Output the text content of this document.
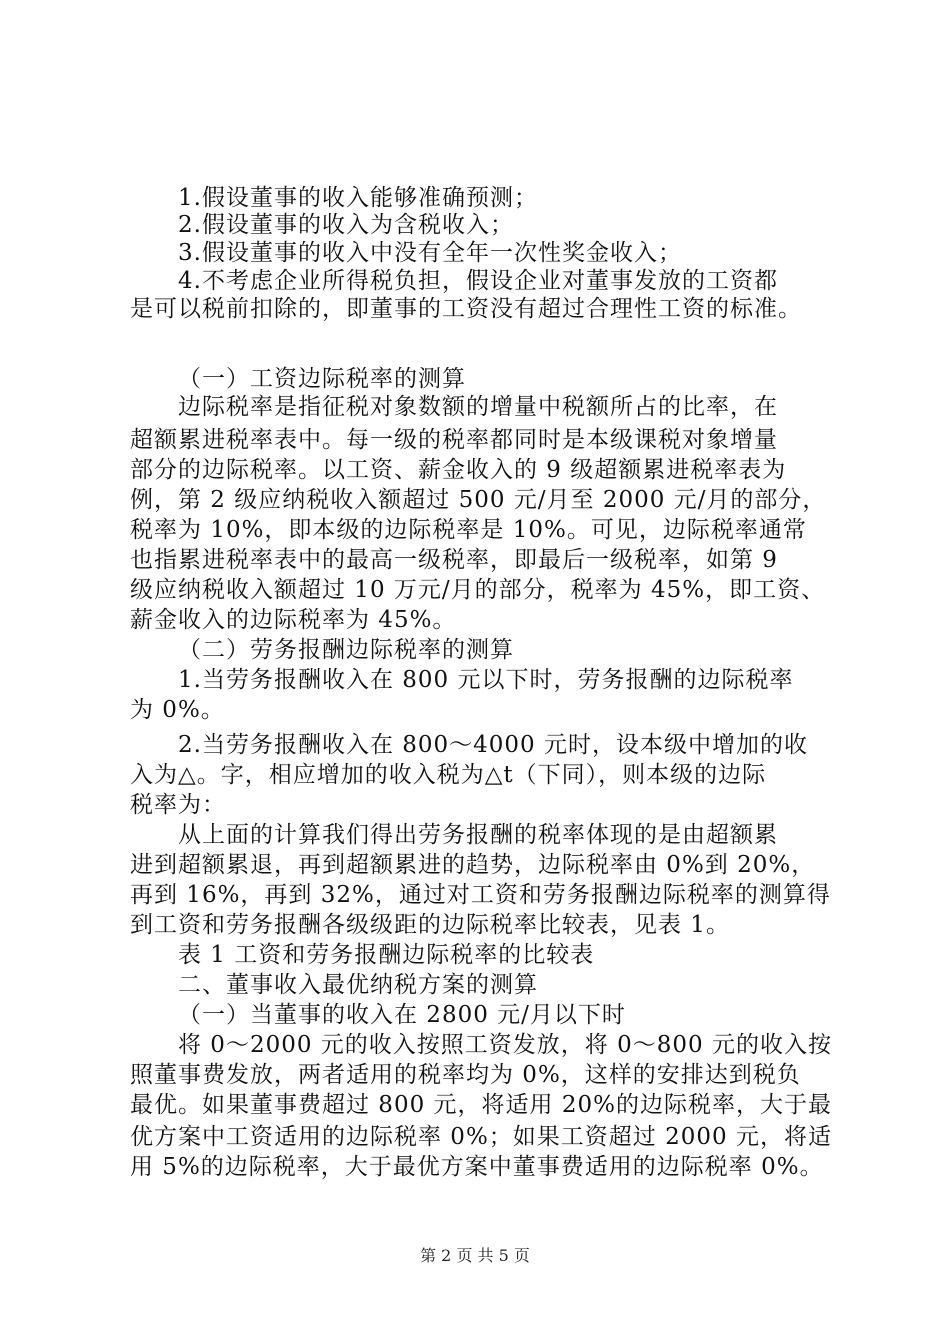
1.假设董事的收入能够准确预测；
2.假设董事的收入为含税收入；
3.假设董事的收入中没有全年一次性奖金收入；
4.不考虑企业所得税负担，假设企业对董事发放的工资都
是可以税前扣除的，即董事的工资没有超过合理性工资的标准。
（一）工资边际税率的测算
边际税率是指征税对象数额的增量中税额所占的比率，在
超额累进税率表中。每一级的税率都同时是本级课税对象增量
部分的边际税率。以工资、薪金收入的 9 级超额累进税率表为
例，第 2 级应纳税收入额超过 500 元/月至 2000 元/月的部分，
税率为 10%，即本级的边际税率是 10%。可见，边际税率通常
也指累进税率表中的最高一级税率，即最后一级税率，如第 9
级应纳税收入额超过 10 万元/月的部分，税率为 45%，即工资、
薪金收入的边际税率为 45%。
（二）劳务报酬边际税率的测算
1.当劳务报酬收入在 800 元以下时，劳务报酬的边际税率
为 0%。
2.当劳务报酬收入在 800～4000 元时，设本级中增加的收
入为△。字，相应增加的收入税为△t（下同），则本级的边际
税率为：
从上面的计算我们得出劳务报酬的税率体现的是由超额累
进到超额累退，再到超额累进的趋势，边际税率由 0%到 20%，
再到 16%，再到 32%，通过对工资和劳务报酬边际税率的测算得
到工资和劳务报酬各级级距的边际税率比较表，见表 1。
表 1 工资和劳务报酬边际税率的比较表
二、董事收入最优纳税方案的测算
（一）当董事的收入在 2800 元/月以下时
将 0～2000 元的收入按照工资发放，将 0～800 元的收入按
照董事费发放，两者适用的税率均为 0%，这样的安排达到税负
最优。如果董事费超过 800 元，将适用 20%的边际税率，大于最
优方案中工资适用的边际税率 0%；如果工资超过 2000 元，将适
用 5%的边际税率，大于最优方案中董事费适用的边际税率 0%。
第 2 页 共 5 页
